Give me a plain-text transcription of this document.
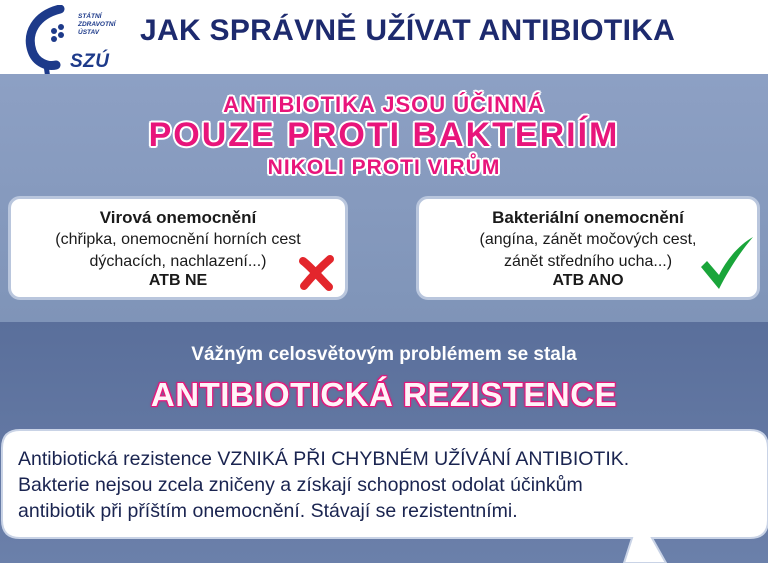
STÁTNÍ
ZDRAVOTNÍ
ÚSTAV
SZÚ
JAK SPRÁVNĚ UŽÍVAT ANTIBIOTIKA
ANTIBIOTIKA JSOU ÚČINNÁ
POUZE PROTI BAKTERIÍM
NIKOLI PROTI VIRŮM
Virová onemocnění
(chřipka, onemocnění horních cest
dýchacích, nachlazení...)
ATB NE
Bakteriální onemocnění
(angína, zánět močových cest,
zánět středního ucha...)
ATB ANO
Vážným celosvětovým problémem se stala
ANTIBIOTICKÁ REZISTENCE
Antibiotická rezistence VZNIKÁ PŘI CHYBNÉM UŽÍVÁNÍ ANTIBIOTIK.
Bakterie nejsou zcela zničeny a získají schopnost odolat účinkům
antibiotik při příštím onemocnění. Stávají se rezistentními.
